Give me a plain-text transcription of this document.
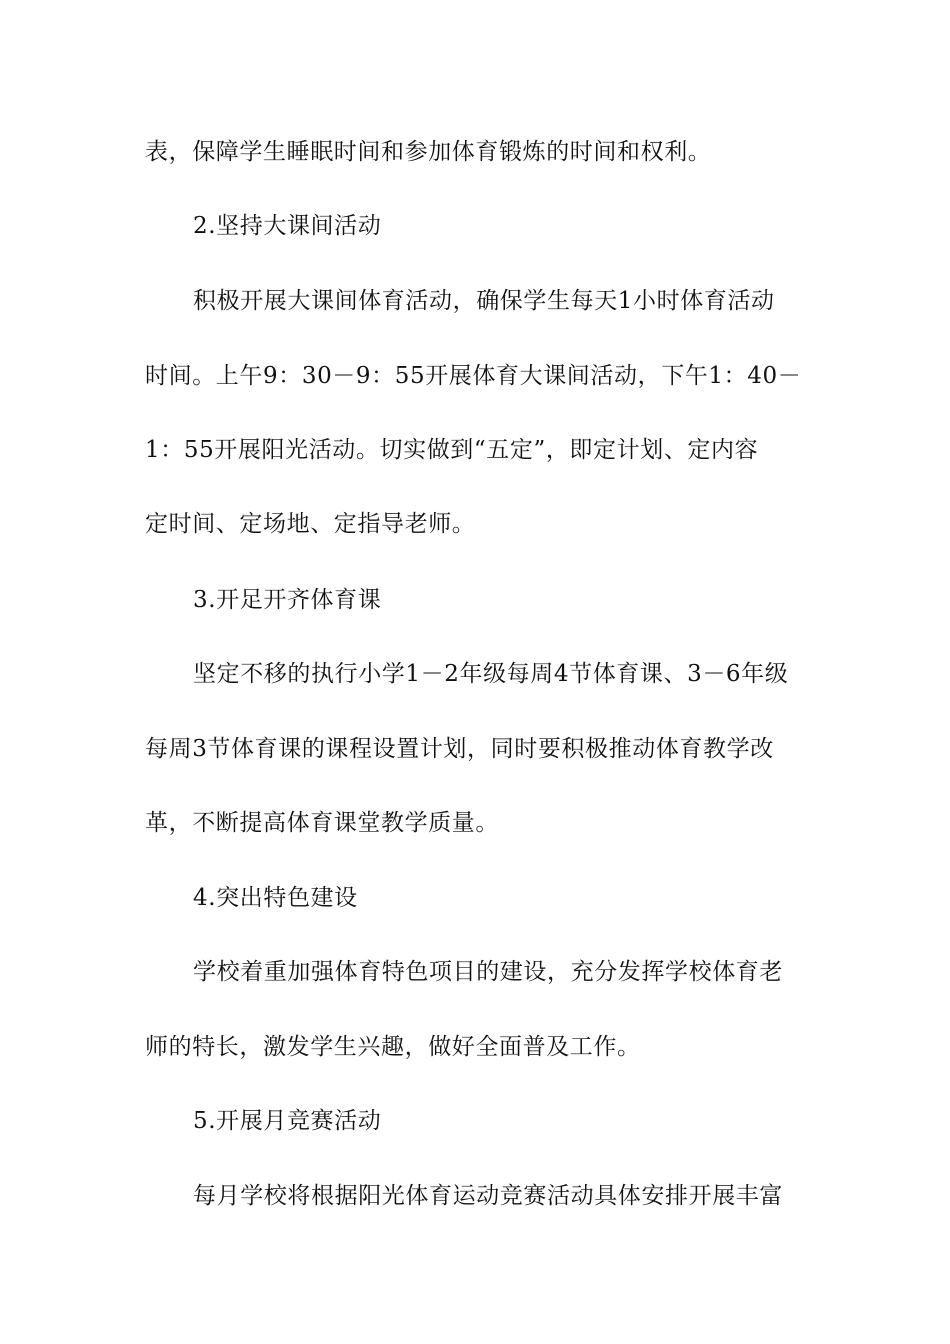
表，保障学生睡眠时间和参加体育锻炼的时间和权利。
2.坚持大课间活动
积极开展大课间体育活动，确保学生每天1小时体育活动
时间。上午9：30－9：55开展体育大课间活动，下午1：40－
1：55开展阳光活动。切实做到“五定”，即定计划、定内容
定时间、定场地、定指导老师。
3.开足开齐体育课
坚定不移的执行小学1－2年级每周4节体育课、3－6年级
每周3节体育课的课程设置计划，同时要积极推动体育教学改
革，不断提高体育课堂教学质量。
4.突出特色建设
学校着重加强体育特色项目的建设，充分发挥学校体育老
师的特长，激发学生兴趣，做好全面普及工作。
5.开展月竞赛活动
每月学校将根据阳光体育运动竞赛活动具体安排开展丰富
